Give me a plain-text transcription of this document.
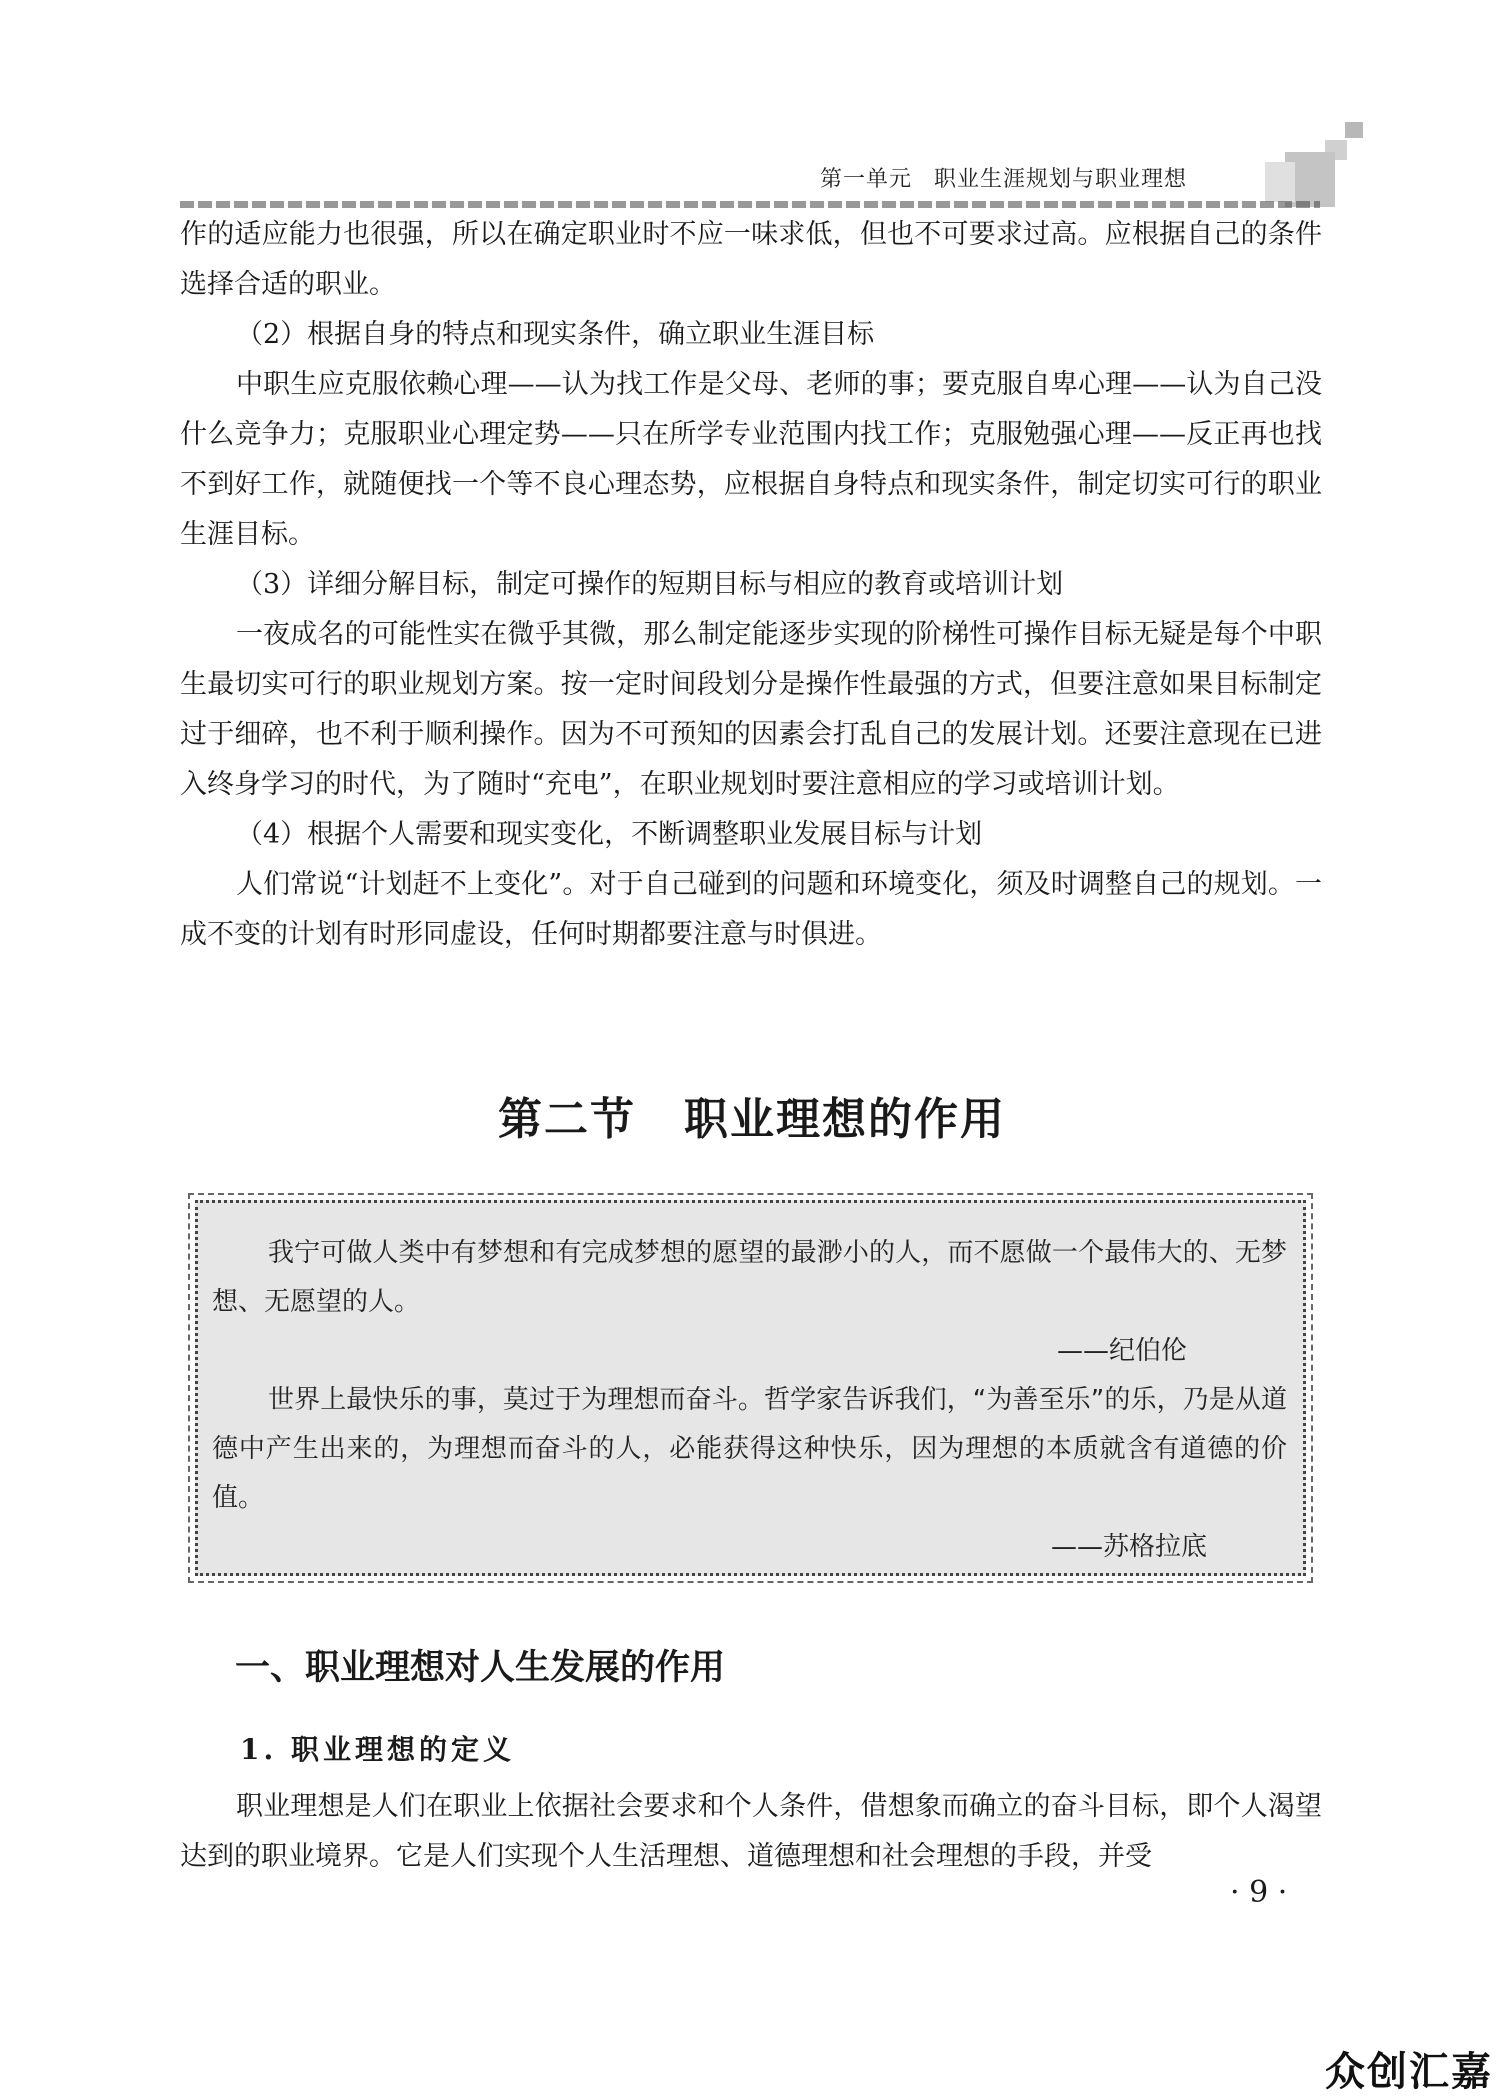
第一单元 职业生涯规划与职业理想

作的适应能力也很强，所以在确定职业时不应一味求低，但也不可要求过高。应根据自己的条件选择合适的职业。

（2）根据自身的特点和现实条件，确立职业生涯目标

中职生应克服依赖心理——认为找工作是父母、老师的事；要克服自卑心理——认为自己没什么竞争力；克服职业心理定势——只在所学专业范围内找工作；克服勉强心理——反正再也找不到好工作，就随便找一个等不良心理态势，应根据自身特点和现实条件，制定切实可行的职业生涯目标。

（3）详细分解目标，制定可操作的短期目标与相应的教育或培训计划

一夜成名的可能性实在微乎其微，那么制定能逐步实现的阶梯性可操作目标无疑是每个中职生最切实可行的职业规划方案。按一定时间段划分是操作性最强的方式，但要注意如果目标制定过于细碎，也不利于顺利操作。因为不可预知的因素会打乱自己的发展计划。还要注意现在已进入终身学习的时代，为了随时“充电”，在职业规划时要注意相应的学习或培训计划。

（4）根据个人需要和现实变化，不断调整职业发展目标与计划

人们常说“计划赶不上变化”。对于自己碰到的问题和环境变化，须及时调整自己的规划。一成不变的计划有时形同虚设，任何时期都要注意与时俱进。

第二节 职业理想的作用

我宁可做人类中有梦想和有完成梦想的愿望的最渺小的人，而不愿做一个最伟大的、无梦想、无愿望的人。

——纪伯伦

世界上最快乐的事，莫过于为理想而奋斗。哲学家告诉我们，“为善至乐”的乐，乃是从道德中产生出来的，为理想而奋斗的人，必能获得这种快乐，因为理想的本质就含有道德的价值。

——苏格拉底

一、职业理想对人生发展的作用
1. 职业理想的定义

职业理想是人们在职业上依据社会要求和个人条件，借想象而确立的奋斗目标，即个人渴望达到的职业境界。它是人们实现个人生活理想、道德理想和社会理想的手段，并受

· 9 ·
众创汇嘉
